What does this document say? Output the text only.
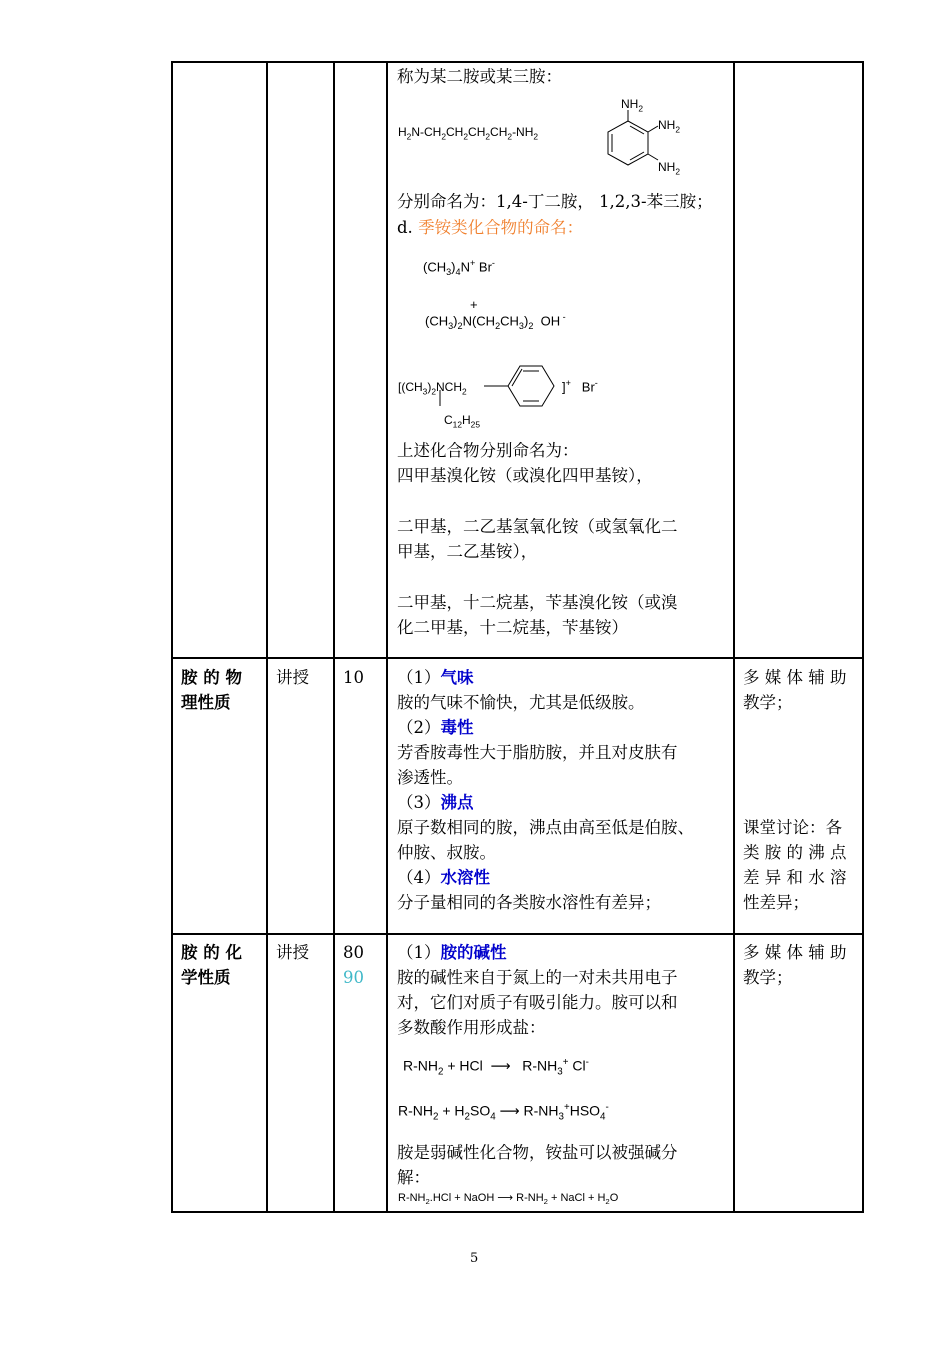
称为某二胺或某三胺：
$H_2N-CH_2CH_2CH_2CH_2-NH_2$
$NH_2$
$NH_2$
$NH_2$
分别命名为：1,4-丁二胺， 1,2,3-苯三胺；
d. 季铵类化合物的命名：
$(CH_3)_4N^+$ Br-
+
$(CH_3)_2N(CH_2CH_3)_2$  OH -
[$(CH_3)_2NCH_2$	]+   Br-
$C_{12}H_{25}$
上述化合物分别命名为：
四甲基溴化铵（或溴化四甲基铵），
二甲基，二乙基氢氧化铵（或氢氧化二
甲基，二乙基铵），
二甲基，十二烷基，苄基溴化铵（或溴
化二甲基，十二烷基，苄基铵）
胺 的 物
理性质
讲授 10 （1）气味
胺的气味不愉快，尤其是低级胺。
（2）毒性
芳香胺毒性大于脂肪胺，并且对皮肤有
渗透性。
（3）沸点
原子数相同的胺，沸点由高至低是伯胺、
仲胺、叔胺。
（4）水溶性
分子量相同的各类胺水溶性有差异；
多 媒 体 辅 助
教学；
课堂讨论：各
类 胺 的 沸 点
差 异 和 水 溶
性差异；
胺 的 化
学性质
讲授 80
90
（1）胺的碱性
胺的碱性来自于氮上的一对未共用电子
对，它们对质子有吸引能力。胺可以和
多数酸作用形成盐：
$R-NH_2$ + HCl  ⟶   $R-NH_3^+$ Cl-
$R-NH_2 + H_2SO_4$ ⟶ $R-NH_3^+HSO_4^-$
胺是弱碱性化合物，铵盐可以被强碱分
解：
$R-NH_2.HCl$ + NaOH ⟶ $R-NH_2$ + NaCl + $H_2O$
多 媒 体 辅 助
教学；
5
